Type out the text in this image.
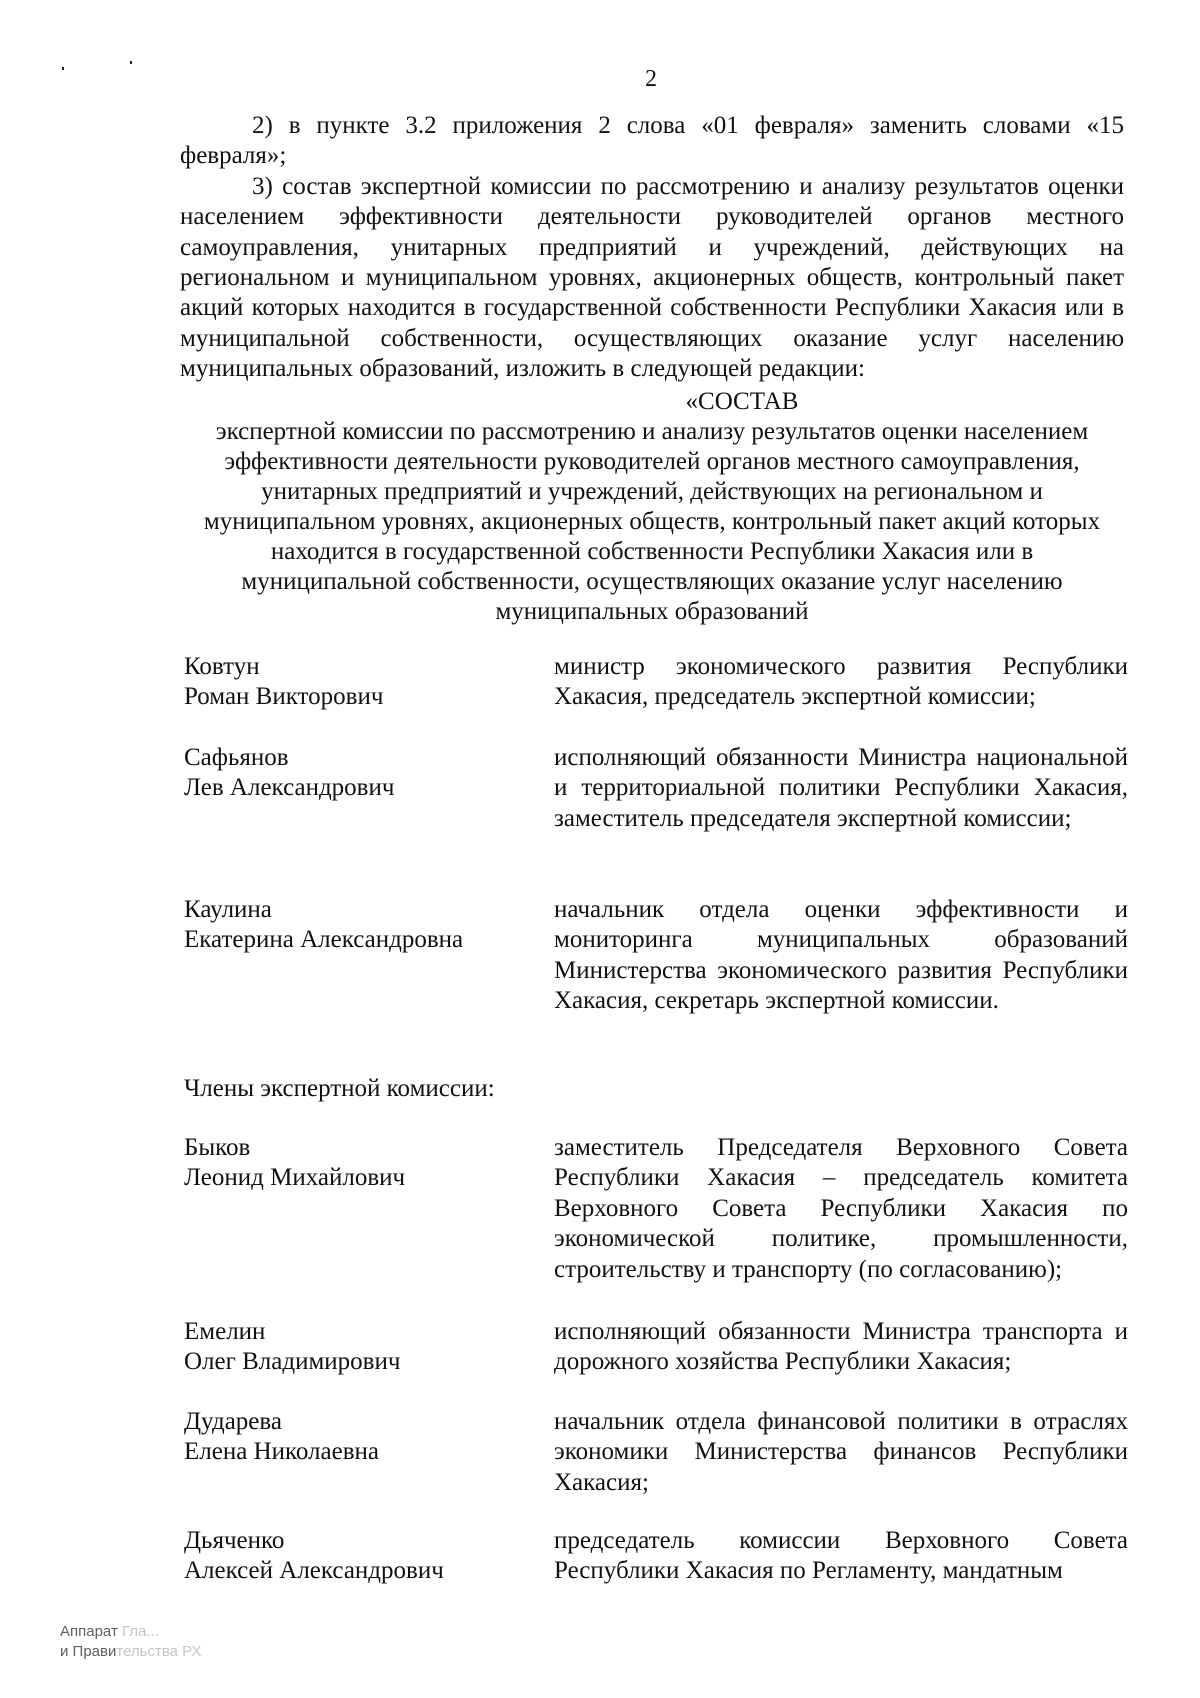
2

2) в пункте 3.2 приложения 2 слова «01 февраля» заменить словами «15 февраля»;

3) состав экспертной комиссии по рассмотрению и анализу результатов оценки населением эффективности деятельности руководителей органов местного самоуправления, унитарных предприятий и учреждений, действующих на региональном и муниципальном уровнях, акционерных обществ, контрольный пакет акций которых находится в государственной собственности Республики Хакасия или в муниципальной собственности, осуществляющих оказание услуг населению муниципальных образований, изложить в следующей редакции:

«СОСТАВ
экспертной комиссии по рассмотрению и анализу результатов оценки населением эффективности деятельности руководителей органов местного самоуправления, унитарных предприятий и учреждений, действующих на региональном и муниципальном уровнях, акционерных обществ, контрольный пакет акций которых находится в государственной собственности Республики Хакасия или в муниципальной собственности, осуществляющих оказание услуг населению муниципальных образований
Ковтун
Роман Викторович
министр экономического развития Республики Хакасия, председатель экспертной комиссии;
Сафьянов
Лев Александрович
исполняющий обязанности Министра национальной и территориальной политики Республики Хакасия, заместитель председателя экспертной комиссии;
Каулина
Екатерина Александровна
начальник отдела оценки эффективности и мониторинга муниципальных образований Министерства экономического развития Республики Хакасия, секретарь экспертной комиссии.
Члены экспертной комиссии:
Быков
Леонид Михайлович
заместитель Председателя Верховного Совета Республики Хакасия – председатель комитета Верховного Совета Республики Хакасия по экономической политике, промышленности, строительству и транспорту (по согласованию);
Емелин
Олег Владимирович
исполняющий обязанности Министра транспорта и дорожного хозяйства Республики Хакасия;
Дударева
Елена Николаевна
начальник отдела финансовой политики в отраслях экономики Министерства финансов Республики Хакасия;
Дьяченко
Алексей Александрович
председатель комиссии Верховного Совета Республики Хакасия по Регламенту, мандатным
Аппарат Гла...
и Правительства РХ
